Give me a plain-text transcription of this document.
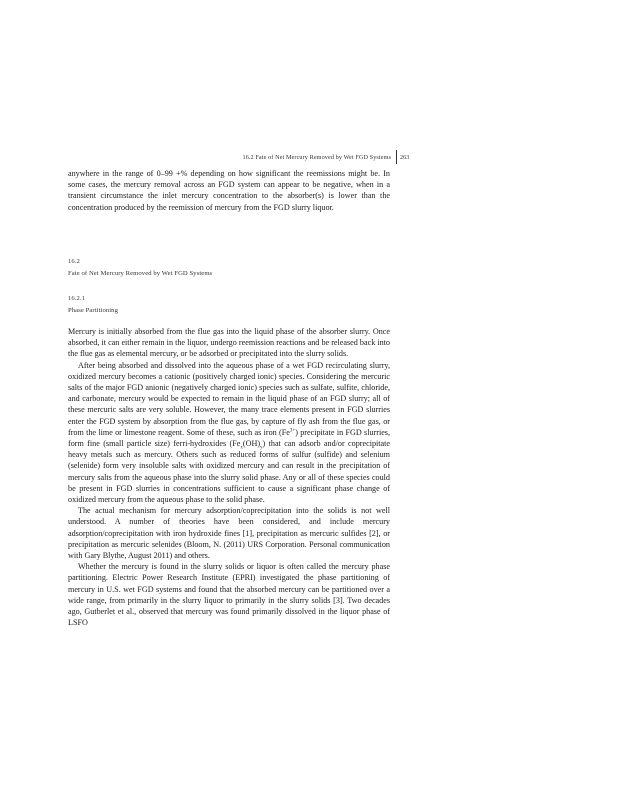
16.2 Fate of Net Mercury Removed by Wet FGD Systems 263

anywhere in the range of 0–99 +% depending on how significant the reemissions might be. In some cases, the mercury removal across an FGD system can appear to be negative, when in a transient circumstance the inlet mercury concentration to the absorber(s) is lower than the concentration produced by the reemission of mercury from the FGD slurry liquor.

16.2
Fate of Net Mercury Removed by Wet FGD Systems
16.2.1
Phase Partitioning

Mercury is initially absorbed from the flue gas into the liquid phase of the absorber slurry. Once absorbed, it can either remain in the liquor, undergo reemission reactions and be released back into the flue gas as elemental mercury, or be adsorbed or precipitated into the slurry solids.

After being absorbed and dissolved into the aqueous phase of a wet FGD recirculating slurry, oxidized mercury becomes a cationic (positively charged ionic) species. Considering the mercuric salts of the major FGD anionic (negatively charged ionic) species such as sulfate, sulfite, chloride, and carbonate, mercury would be expected to remain in the liquid phase of an FGD slurry; all of these mercuric salts are very soluble. However, the many trace elements present in FGD slurries enter the FGD system by absorption from the flue gas, by capture of fly ash from the flue gas, or from the lime or limestone reagent. Some of these, such as iron $(Fe^{3+})$ precipitate in FGD slurries, form fine (small particle size) ferri-hydroxides $(Fe_x(OH)_y)$ that can adsorb and/or coprecipitate heavy metals such as mercury. Others such as reduced forms of sulfur (sulfide) and selenium (selenide) form very insoluble salts with oxidized mercury and can result in the precipitation of mercury salts from the aqueous phase into the slurry solid phase. Any or all of these species could be present in FGD slurries in concentrations sufficient to cause a significant phase change of oxidized mercury from the aqueous phase to the solid phase.

The actual mechanism for mercury adsorption/coprecipitation into the solids is not well understood. A number of theories have been considered, and include mercury adsorption/coprecipitation with iron hydroxide fines [1], precipitation as mercuric sulfides [2], or precipitation as mercuric selenides (Bloom, N. (2011) URS Corporation. Personal communication with Gary Blythe, August 2011) and others.

Whether the mercury is found in the slurry solids or liquor is often called the mercury phase partitioning. Electric Power Research Institute (EPRI) investigated the phase partitioning of mercury in U.S. wet FGD systems and found that the absorbed mercury can be partitioned over a wide range, from primarily in the slurry liquor to primarily in the slurry solids [3]. Two decades ago, Gutberlet et al., observed that mercury was found primarily dissolved in the liquor phase of LSFO
